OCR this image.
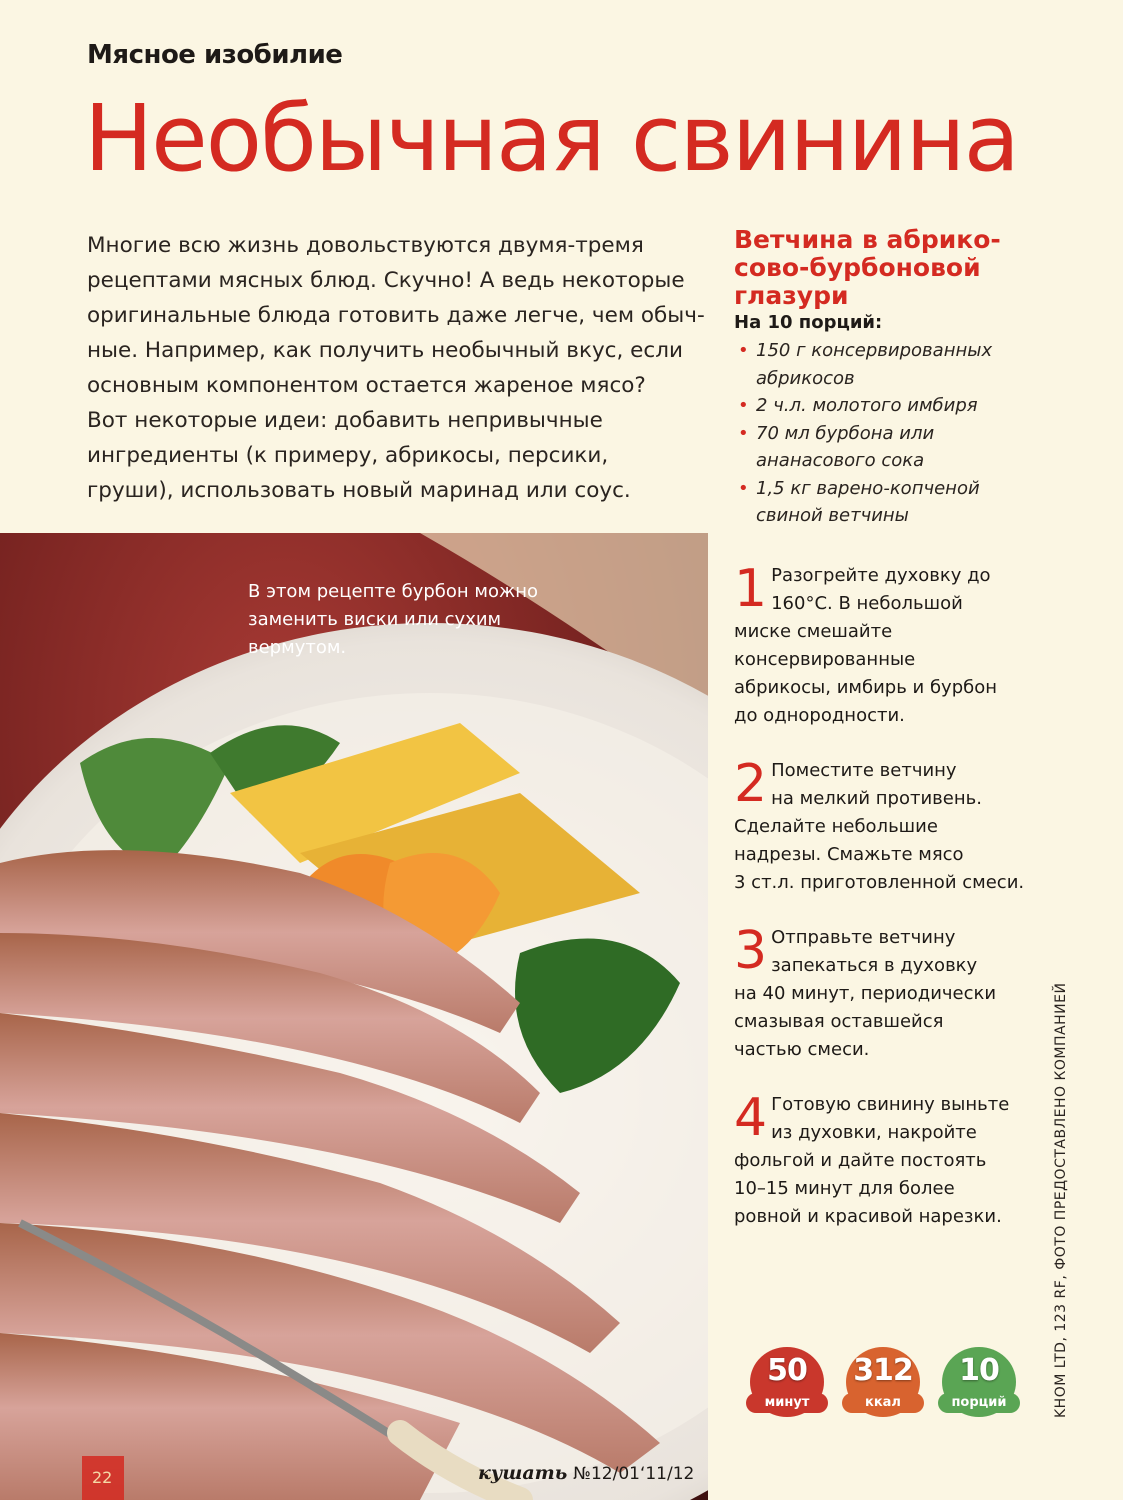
Мясное изобилие
Необычная свинина

Многие всю жизнь довольствуются двумя-тремя

рецептами мясных блюд. Скучно! А ведь некоторые

оригинальные блюда готовить даже легче, чем обыч-

ные. Например, как получить необычный вкус, если

основным компонентом остается жареное мясо?

Вот некоторые идеи: добавить непривычные

ингредиенты (к примеру, абрикосы, персики,

груши), использовать новый маринад или соус.

Ветчина в абрико-
сово-бурбоновой
глазури
На 10 порций:
• 150 г консервированных
абрикосов
• 2 ч.л. молотого имбиря
• 70 мл бурбона или
ананасового сока
• 1,5 кг варено-копченой
свиной ветчины
1 Разогрейте духовку до
160°С. В небольшой
миске смешайте
консервированные
абрикосы, имбирь и бурбон
до однородности.
2 Поместите ветчину
на мелкий противень.
Сделайте небольшие
надрезы. Смажьте мясо
3 ст.л. приготовленной смеси.
3 Отправьте ветчину
запекаться в духовку
на 40 минут, периодически
смазывая оставшейся
частью смеси.
4 Готовую свинину выньте
из духовки, накройте
фольгой и дайте постоять
10–15 минут для более
ровной и красивой нарезки.
В этом рецепте бурбон можно
заменить виски или сухим
вермутом.
50
минут
312
ккал
10
порций	KHOM LTD, 123 RF, ФОТО ПРЕДОСТАВЛЕНО КОМПАНИЕЙ
22	кушать №12/01‘11/12
